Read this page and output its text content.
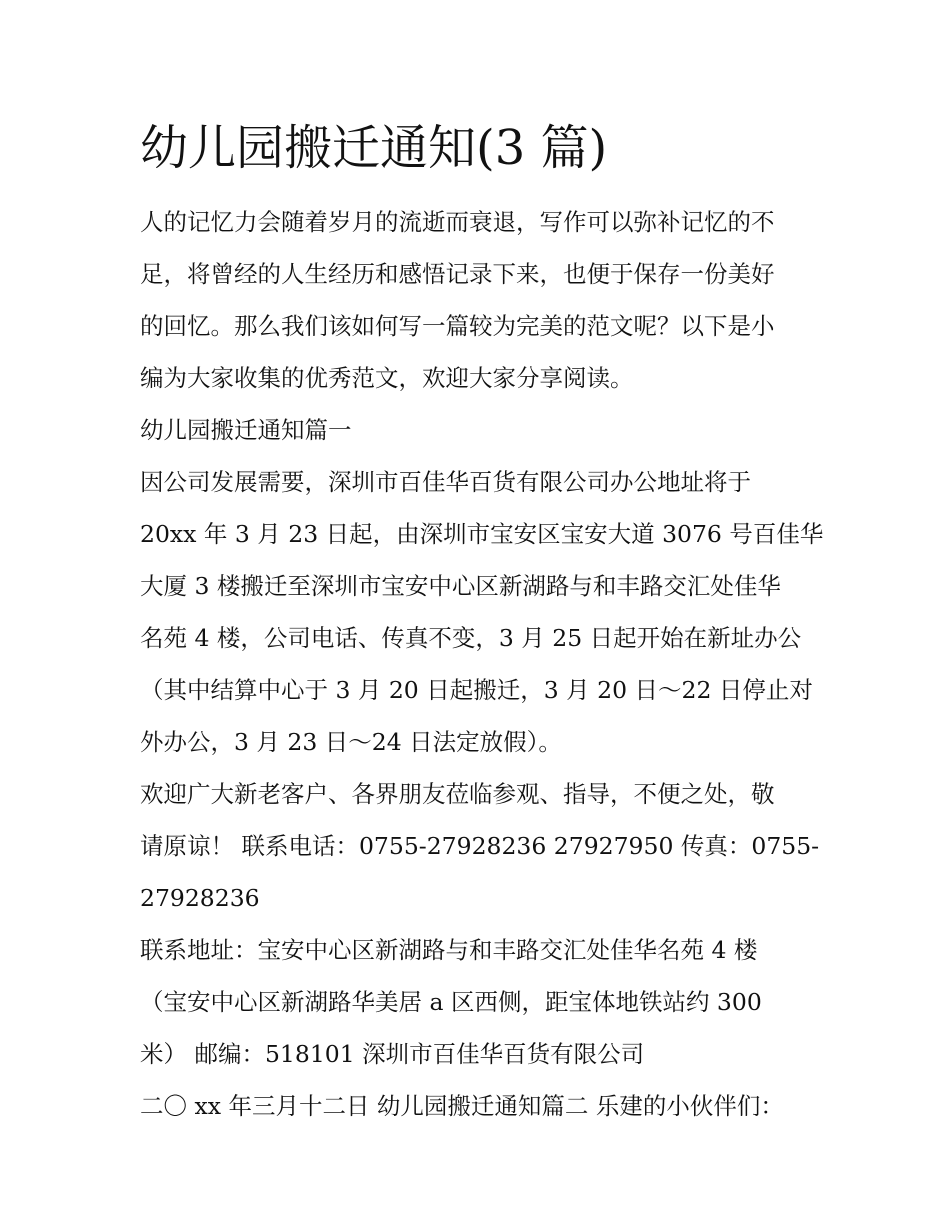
幼儿园搬迁通知(3 篇)

人的记忆力会随着岁月的流逝而衰退，写作可以弥补记忆的不
足，将曾经的人生经历和感悟记录下来，也便于保存一份美好
的回忆。那么我们该如何写一篇较为完美的范文呢？以下是小
编为大家收集的优秀范文，欢迎大家分享阅读。

幼儿园搬迁通知篇一

因公司发展需要，深圳市百佳华百货有限公司办公地址将于
20xx 年 3 月 23 日起，由深圳市宝安区宝安大道 3076 号百佳华
大厦 3 楼搬迁至深圳市宝安中心区新湖路与和丰路交汇处佳华
名苑 4 楼，公司电话、传真不变，3 月 25 日起开始在新址办公
（其中结算中心于 3 月 20 日起搬迁，3 月 20 日～22 日停止对
外办公，3 月 23 日～24 日法定放假）。

欢迎广大新老客户、各界朋友莅临参观、指导，不便之处，敬
请原谅！ 联系电话：0755-27928236 27927950 传真：0755-
27928236

联系地址：宝安中心区新湖路与和丰路交汇处佳华名苑 4 楼
（宝安中心区新湖路华美居 a 区西侧，距宝体地铁站约 300
米） 邮编：518101 深圳市百佳华百货有限公司

二〇 xx 年三月十二日 幼儿园搬迁通知篇二 乐建的小伙伴们：
